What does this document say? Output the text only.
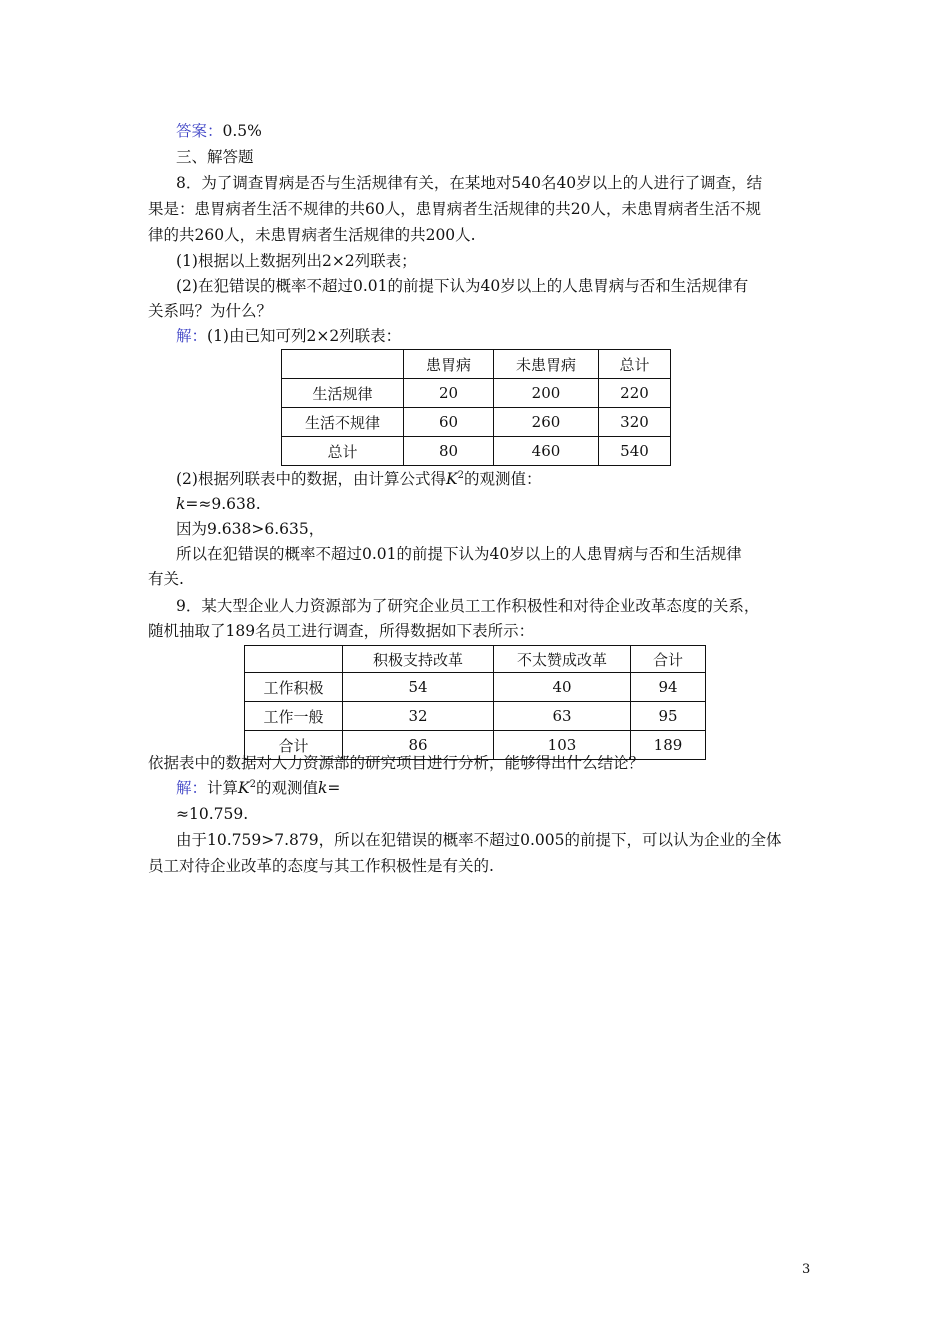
答案：0.5%
三、解答题
8．为了调查胃病是否与生活规律有关，在某地对540名40岁以上的人进行了调查，结
果是：患胃病者生活不规律的共60人，患胃病者生活规律的共20人，未患胃病者生活不规
律的共260人，未患胃病者生活规律的共200人.
(1)根据以上数据列出2×2列联表；
(2)在犯错误的概率不超过0.01的前提下认为40岁以上的人患胃病与否和生活规律有
关系吗？为什么？
解：(1)由已知可列2×2列联表：
	患胃病	未患胃病	总计
生活规律	20	200	220
生活不规律	60	260	320
总计	80	460	540
(2)根据列联表中的数据，由计算公式得$K^2$的观测值：
k=≈9.638.
因为9.638>6.635，
所以在犯错误的概率不超过0.01的前提下认为40岁以上的人患胃病与否和生活规律
有关.
9．某大型企业人力资源部为了研究企业员工工作积极性和对待企业改革态度的关系，
随机抽取了189名员工进行调查，所得数据如下表所示：
	积极支持改革	不太赞成改革	合计
工作积极	54	40	94
工作一般	32	63	95
合计	86	103	189
依据表中的数据对人力资源部的研究项目进行分析，能够得出什么结论？
解：计算$K^2$的观测值k=
≈10.759.
由于10.759>7.879，所以在犯错误的概率不超过0.005的前提下，可以认为企业的全体
员工对待企业改革的态度与其工作积极性是有关的.
3
